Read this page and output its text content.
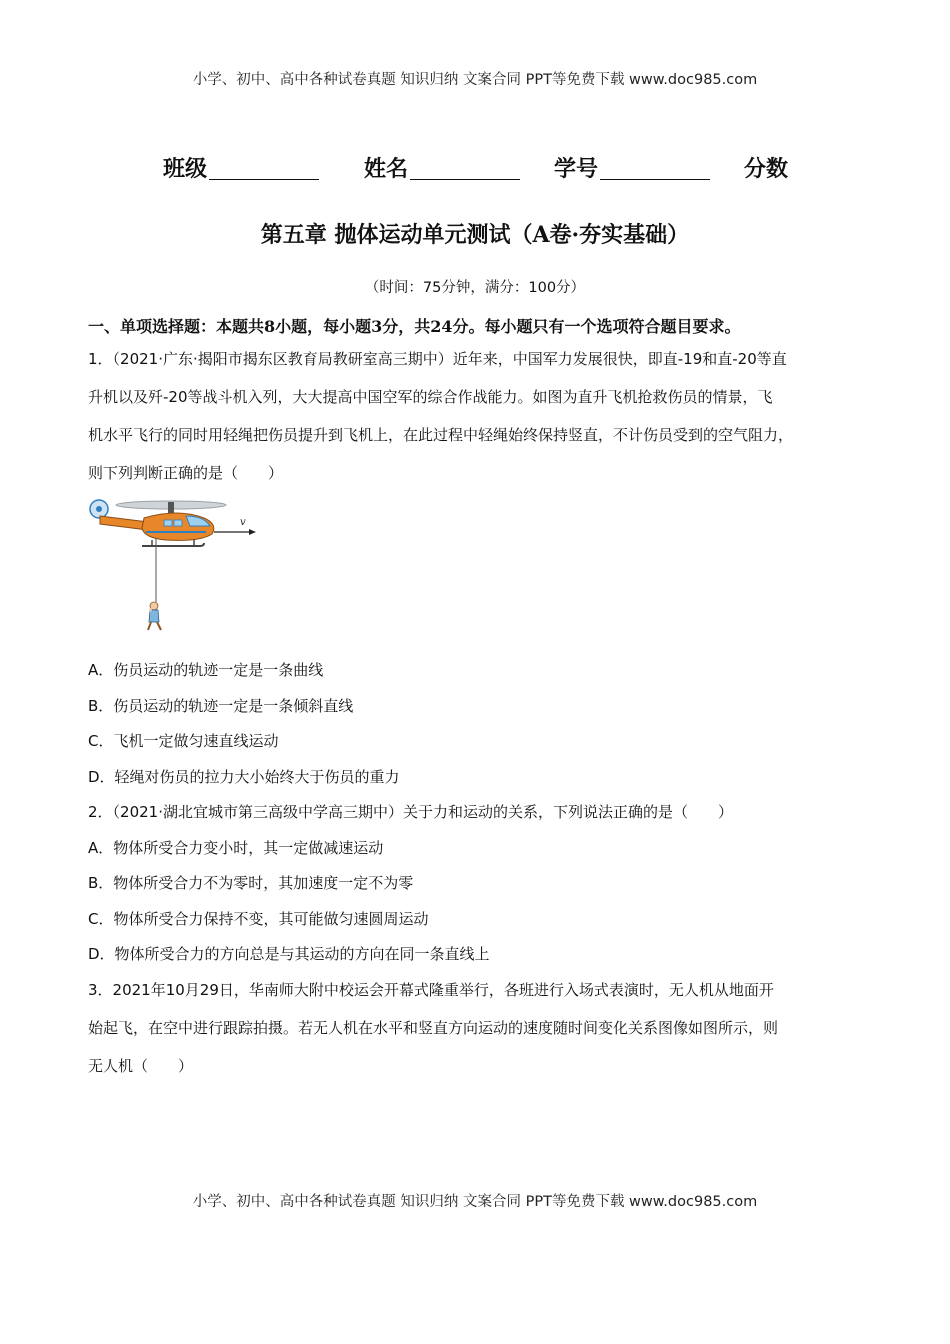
小学、初中、高中各种试卷真题 知识归纳 文案合同 PPT等免费下载 www.doc985.com
班级	姓名	学号	分数
第五章 抛体运动单元测试（A卷·夯实基础）
（时间：75分钟，满分：100分）
一、单项选择题：本题共8小题，每小题3分，共24分。每小题只有一个选项符合题目要求。
1．（2021·广东·揭阳市揭东区教育局教研室高三期中）近年来，中国军力发展很快，即直-19和直-20等直
升机以及歼-20等战斗机入列，大大提高中国空军的综合作战能力。如图为直升飞机抢救伤员的情景，飞
机水平飞行的同时用轻绳把伤员提升到飞机上，在此过程中轻绳始终保持竖直，不计伤员受到的空气阻力，
则下列判断正确的是（　　）
v
A．伤员运动的轨迹一定是一条曲线
B．伤员运动的轨迹一定是一条倾斜直线
C．飞机一定做匀速直线运动
D．轻绳对伤员的拉力大小始终大于伤员的重力
2．（2021·湖北宜城市第三高级中学高三期中）关于力和运动的关系，下列说法正确的是（　　）
A．物体所受合力变小时，其一定做减速运动
B．物体所受合力不为零时，其加速度一定不为零
C．物体所受合力保持不变，其可能做匀速圆周运动
D．物体所受合力的方向总是与其运动的方向在同一条直线上
3．2021年10月29日，华南师大附中校运会开幕式隆重举行，各班进行入场式表演时，无人机从地面开
始起飞，在空中进行跟踪拍摄。若无人机在水平和竖直方向运动的速度随时间变化关系图像如图所示，则
无人机（　　）
小学、初中、高中各种试卷真题 知识归纳 文案合同 PPT等免费下载 www.doc985.com
